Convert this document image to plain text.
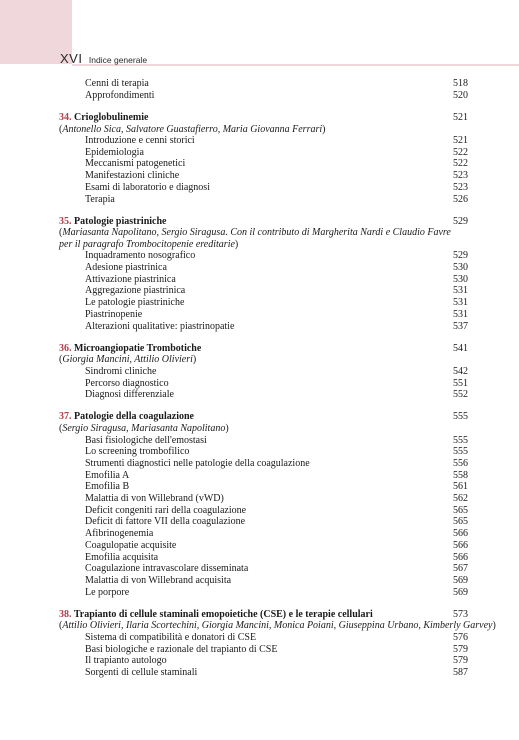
XVI Indice generale
Cenni di terapia	518
Approfondimenti	520
34. Crioglobulinemie	521
(Antonello Sica, Salvatore Guastafierro, Maria Giovanna Ferrari)
Introduzione e cenni storici	521
Epidemiologia	522
Meccanismi patogenetici	522
Manifestazioni cliniche	523
Esami di laboratorio e diagnosi	523
Terapia	526
35. Patologie piastriniche	529
(Mariasanta Napolitano, Sergio Siragusa. Con il contributo di Margherita Nardi e Claudio Favre
per il paragrafo Trombocitopenie ereditarie)
Inquadramento nosografico	529
Adesione piastrinica	530
Attivazione piastrinica	530
Aggregazione piastrinica	531
Le patologie piastriniche	531
Piastrinopenie	531
Alterazioni qualitative: piastrinopatie	537
36. Microangiopatie Trombotiche	541
(Giorgia Mancini, Attilio Olivieri)
Sindromi cliniche	542
Percorso diagnostico	551
Diagnosi differenziale	552
37. Patologie della coagulazione	555
(Sergio Siragusa, Mariasanta Napolitano)
Basi fisiologiche dell'emostasi	555
Lo screening trombofilico	555
Strumenti diagnostici nelle patologie della coagulazione	556
Emofilia A	558
Emofilia B	561
Malattia di von Willebrand (vWD)	562
Deficit congeniti rari della coagulazione	565
Deficit di fattore VII della coagulazione	565
Afibrinogenemia	566
Coagulopatie acquisite	566
Emofilia acquisita	566
Coagulazione intravascolare disseminata	567
Malattia di von Willebrand acquisita	569
Le porpore	569
38. Trapianto di cellule staminali emopoietiche (CSE) e le terapie cellulari	573
(Attilio Olivieri, Ilaria Scortechini, Giorgia Mancini, Monica Poiani, Giuseppina Urbano, Kimberly Garvey)
Sistema di compatibilità e donatori di CSE	576
Basi biologiche e razionale del trapianto di CSE	579
Il trapianto autologo	579
Sorgenti di cellule staminali	587
